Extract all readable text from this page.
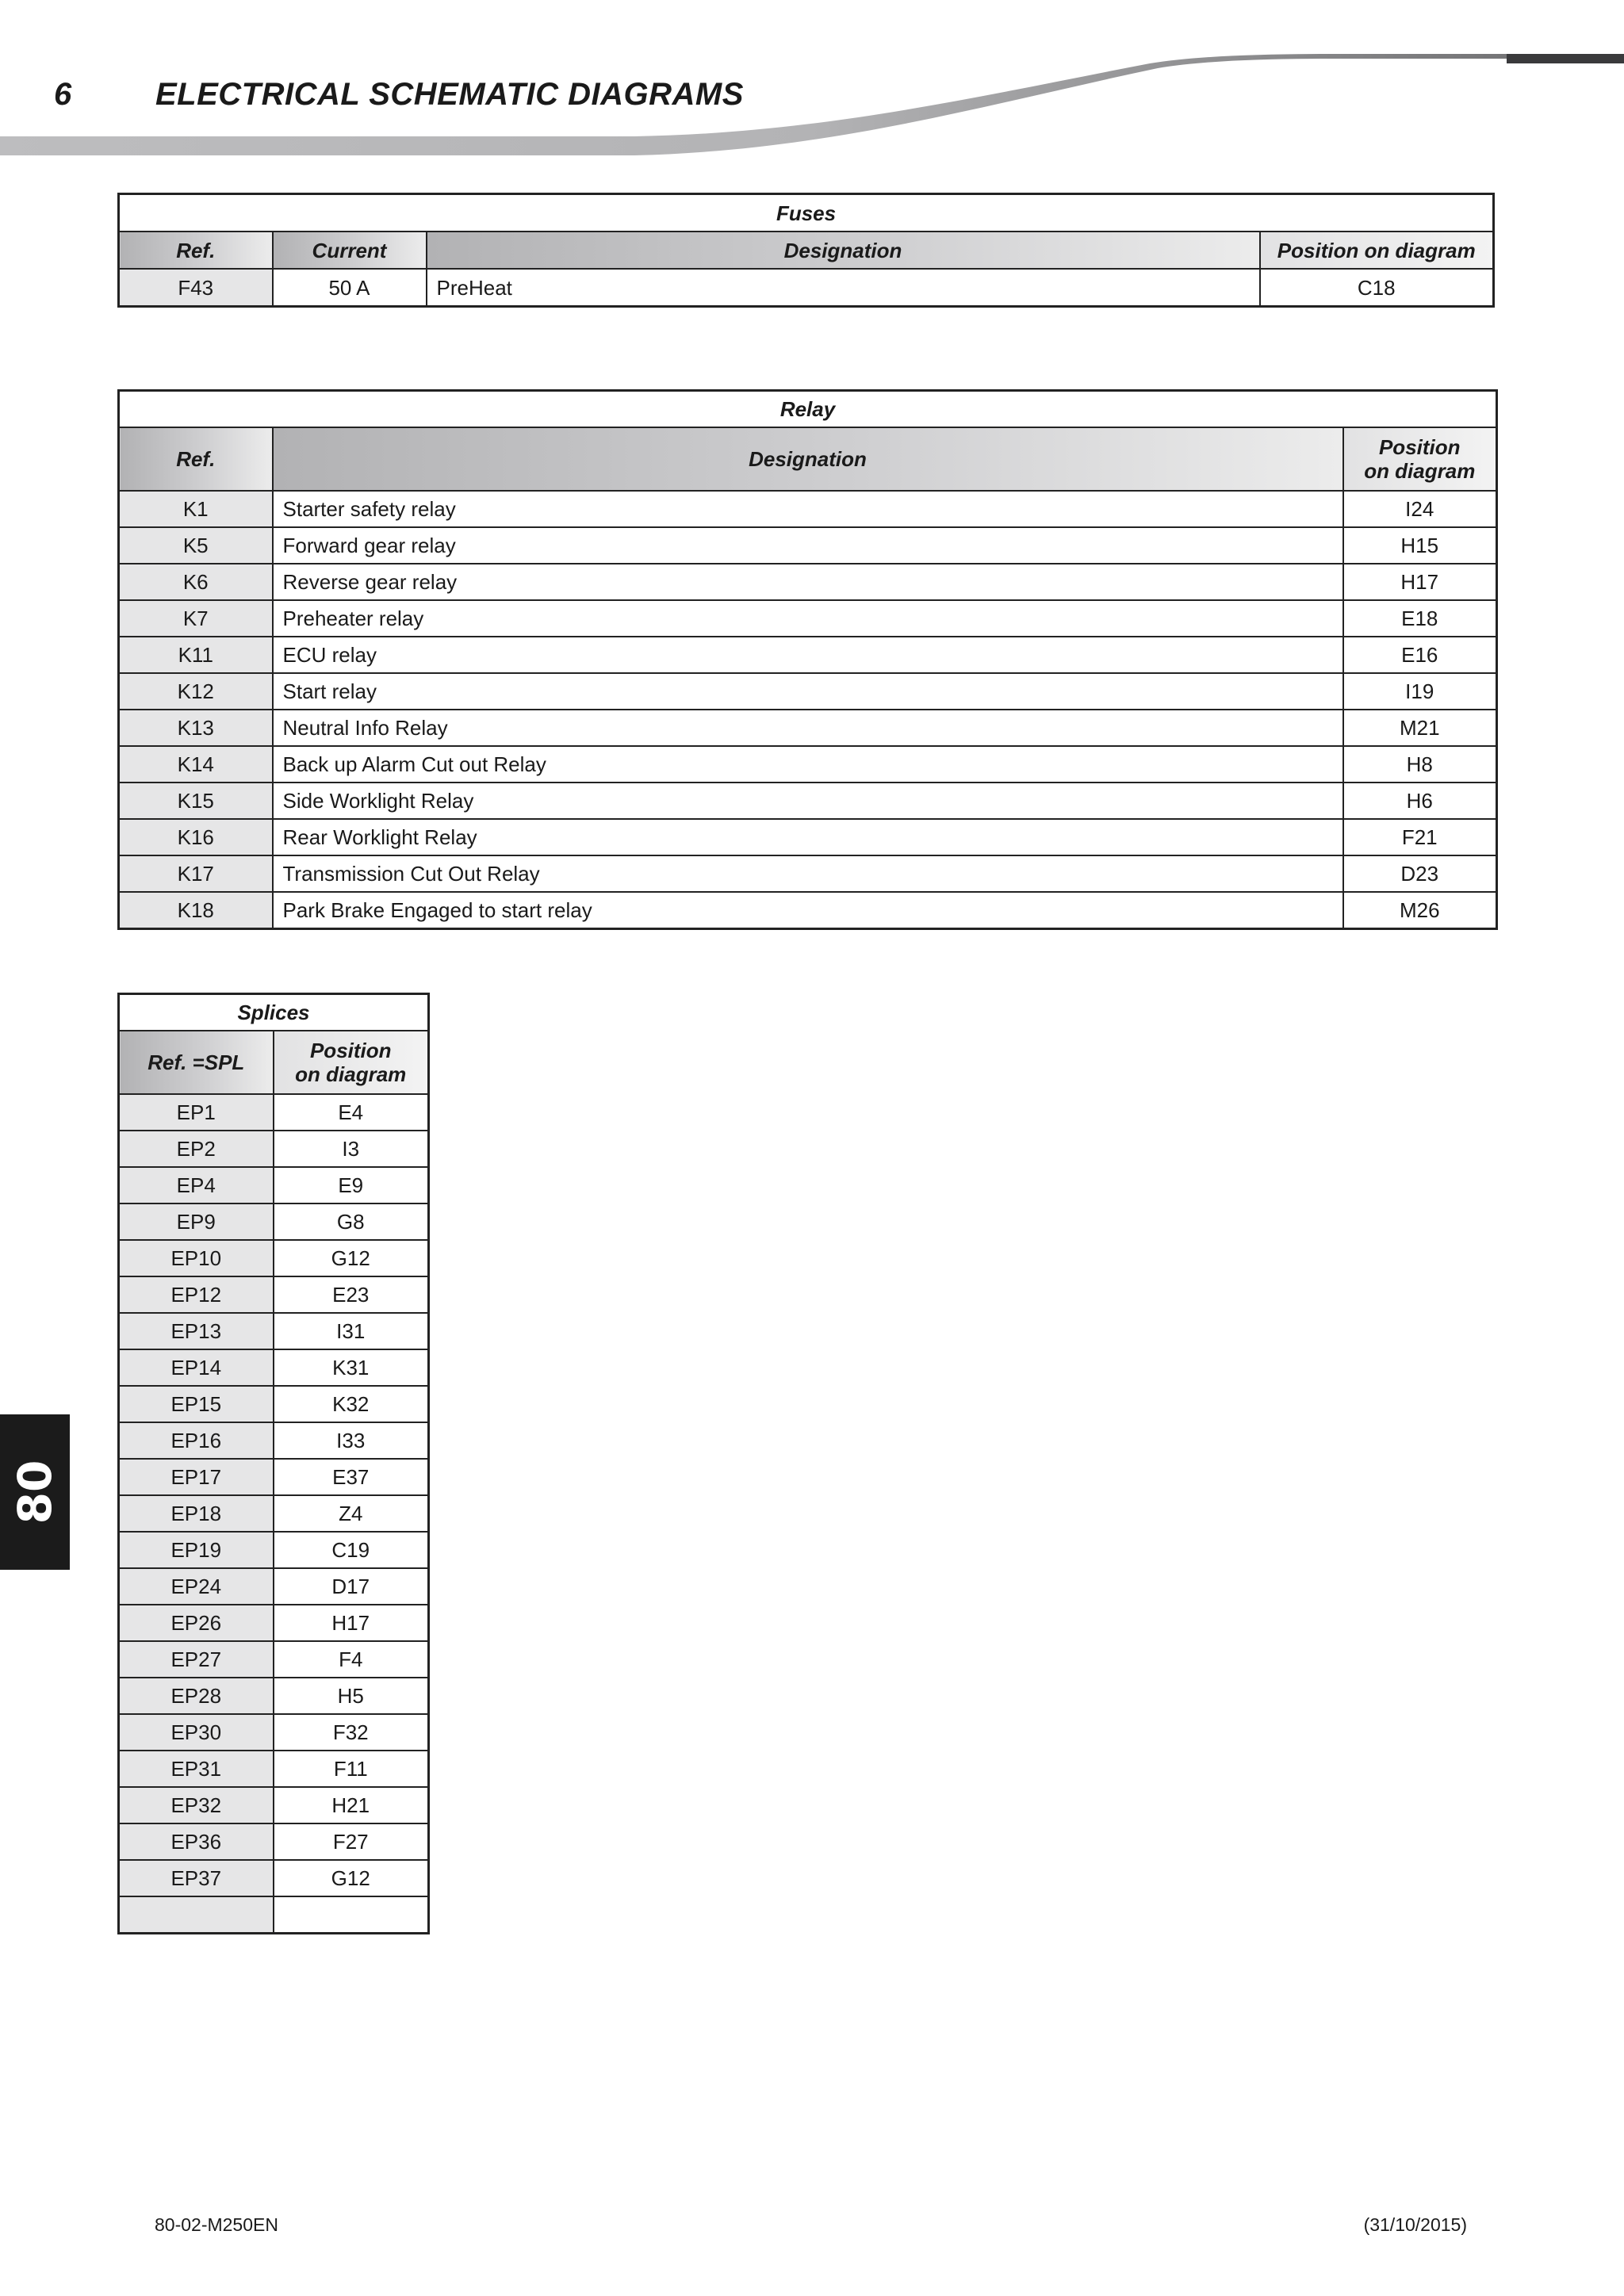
6	ELECTRICAL SCHEMATIC DIAGRAMS
Fuses			
Ref.	Current	Designation	Position on diagram
F43	50 A	PreHeat	C18
Relay		
Ref.	Designation	Position
on diagram
K1	Starter safety relay	I24
K5	Forward gear relay	H15
K6	Reverse gear relay	H17
K7	Preheater relay	E18
K11	ECU relay	E16
K12	Start relay	I19
K13	Neutral Info Relay	M21
K14	Back up Alarm Cut out Relay	H8
K15	Side Worklight Relay	H6
K16	Rear Worklight Relay	F21
K17	Transmission Cut Out Relay	D23
K18	Park Brake Engaged to start relay	M26
Splices	
Ref. =SPL	Position
on diagram
EP1	E4
EP2	I3
EP4	E9
EP9	G8
EP10	G12
EP12	E23
EP13	I31
EP14	K31
EP15	K32
EP16	I33
EP17	E37
EP18	Z4
EP19	C19
EP24	D17
EP26	H17
EP27	F4
EP28	H5
EP30	F32
EP31	F11
EP32	H21
EP36	F27
EP37	G12

80
80-02-M250EN	(31/10/2015)
